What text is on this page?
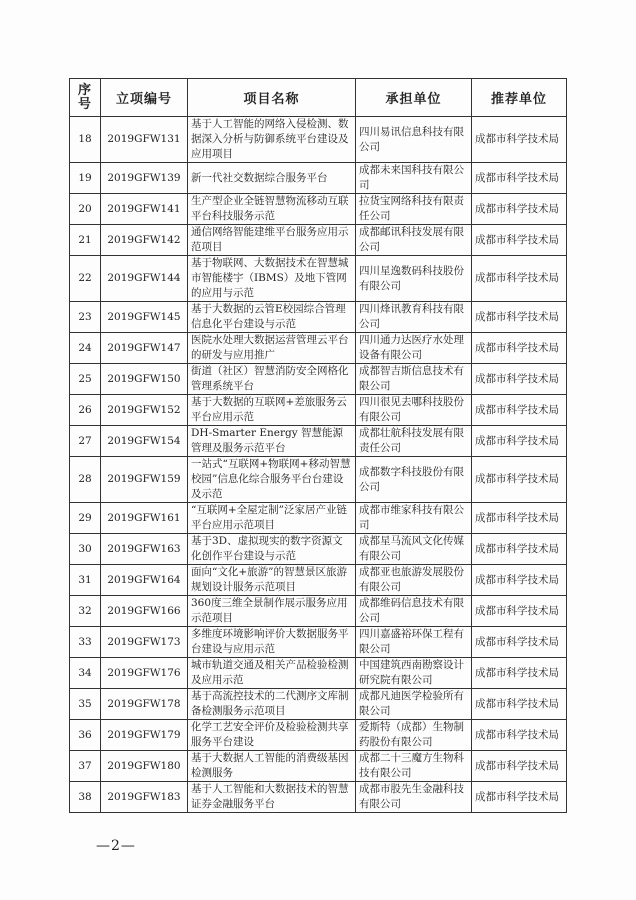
序号	立项编号	项目名称	承担单位	推荐单位
18	2019GFW131	基于人工智能的网络入侵检测、数据深入分析与防御系统平台建设及应用项目	四川易讯信息科技有限公司	成都市科学技术局
19	2019GFW139	新一代社交数据综合服务平台	成都未来国科技有限公司	成都市科学技术局
20	2019GFW141	生产型企业全链智慧物流移动互联平台科技服务示范	拉货宝网络科技有限责任公司	成都市科学技术局
21	2019GFW142	通信网络智能建维平台服务应用示范项目	成都邮讯科技发展有限公司	成都市科学技术局
22	2019GFW144	基于物联网、大数据技术在智慧城市智能楼宇（IBMS）及地下管网的应用与示范	四川星逸数码科技股份有限公司	成都市科学技术局
23	2019GFW145	基于大数据的云管E校园综合管理信息化平台建设与示范	四川烽讯教育科技有限公司	成都市科学技术局
24	2019GFW147	医院水处理大数据运营管理云平台的研发与应用推广	四川通力达医疗水处理设备有限公司	成都市科学技术局
25	2019GFW150	街道（社区）智慧消防安全网格化管理系统平台	成都智吉斯信息技术有限公司	成都市科学技术局
26	2019GFW152	基于大数据的互联网+差旅服务云平台应用示范	四川很见去哪科技股份有限公司	成都市科学技术局
27	2019GFW154	DH-Smarter Energy 智慧能源管理及服务示范平台	成都壮航科技发展有限责任公司	成都市科学技术局
28	2019GFW159	一站式“互联网+物联网+移动智慧校园”信息化综合服务平台台建设及示范	成都数字科技股份有限公司	成都市科学技术局
29	2019GFW161	“互联网+全屋定制”泛家居产业链平台应用示范项目	成都市维家科技有限公司	成都市科学技术局
30	2019GFW163	基于3D、虚拟现实的数字资源文化创作平台建设与示范	成都星马流风文化传媒有限公司	成都市科学技术局
31	2019GFW164	面向“文化+旅游”的智慧景区旅游规划设计服务示范项目	成都亚也旅游发展股份有限公司	成都市科学技术局
32	2019GFW166	360度三维全景制作展示服务应用示范项目	成都维码信息技术有限公司	成都市科学技术局
33	2019GFW173	多维度环境影响评价大数据服务平台建设与应用示范	四川嘉盛裕环保工程有限公司	成都市科学技术局
34	2019GFW176	城市轨道交通及相关产品检验检测及应用示范	中国建筑西南勘察设计研究院有限公司	成都市科学技术局
35	2019GFW178	基于高流控技术的二代测序文库制备检测服务示范项目	成都凡迪医学检验所有限公司	成都市科学技术局
36	2019GFW179	化学工艺安全评价及检验检测共享服务平台建设	爱斯特（成都）生物制药股份有限公司	成都市科学技术局
37	2019GFW180	基于大数据人工智能的消费级基因检测服务	成都二十三魔方生物科技有限公司	成都市科学技术局
38	2019GFW183	基于人工智能和大数据技术的智慧证券金融服务平台	成都市股先生金融科技有限公司	成都市科学技术局
—2—
